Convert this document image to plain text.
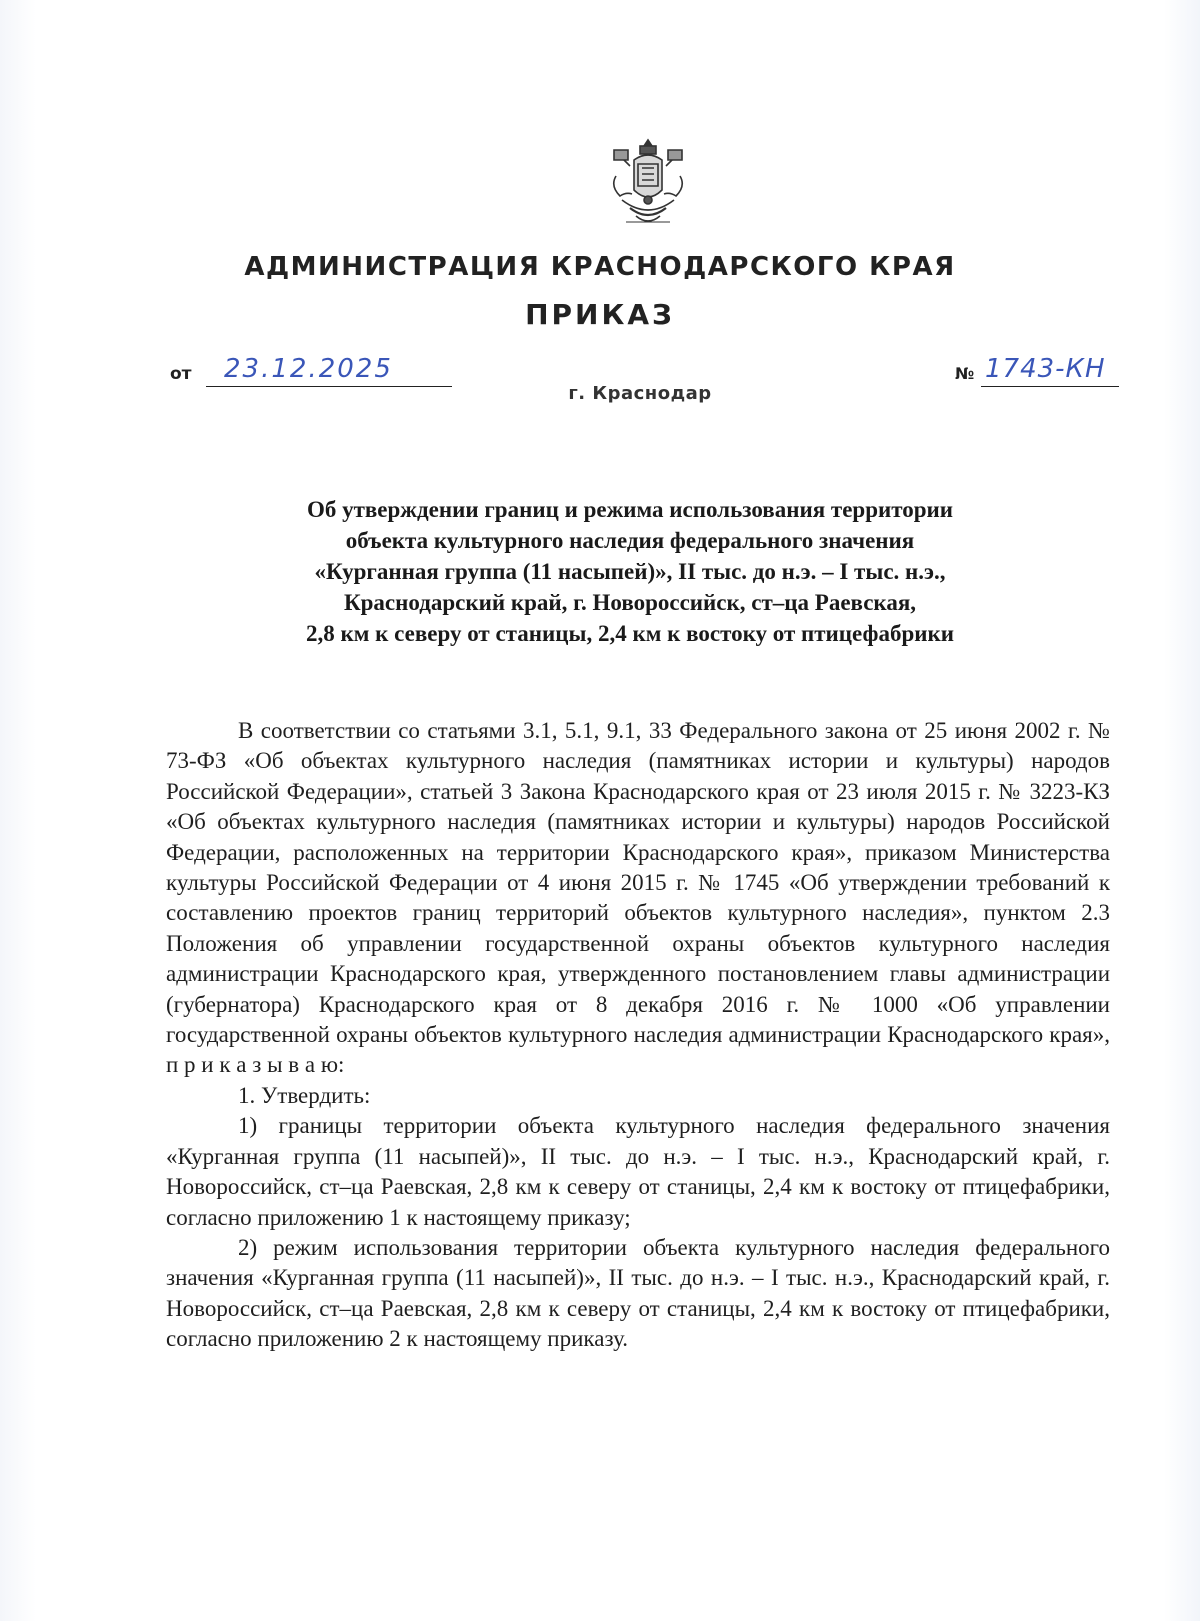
АДМИНИСТРАЦИЯ КРАСНОДАРСКОГО КРАЯ
ПРИКАЗ
от 23.12.2025	№ 1743-КН
г. Краснодар
Об утверждении границ и режима использования территории
объекта культурного наследия федерального значения
«Курганная группа (11 насыпей)», II тыс. до н.э. – I тыс. н.э.,
Краснодарский край, г. Новороссийск, ст–ца Раевская,
2,8 км к северу от станицы, 2,4 км к востоку от птицефабрики

В соответствии со статьями 3.1, 5.1, 9.1, 33 Федерального закона от 25 июня 2002 г. № 73-ФЗ «Об объектах культурного наследия (памятниках истории и культуры) народов Российской Федерации», статьей 3 Закона Краснодарского края от 23 июля 2015 г. № 3223-КЗ «Об объектах культурного наследия (памятниках истории и культуры) народов Российской Федерации, расположенных на территории Краснодарского края», приказом Министерства культуры Российской Федерации от 4 июня 2015 г. № 1745 «Об утверждении требований к составлению проектов границ территорий объектов культурного наследия», пунктом 2.3 Положения об управлении государственной охраны объектов культурного наследия администрации Краснодарского края, утвержденного постановлением главы администрации (губернатора) Краснодарского края от 8 декабря 2016 г. № 1000 «Об управлении государственной охраны объектов культурного наследия администрации Краснодарского края», п р и к а з ы в а ю:

1. Утвердить:

1) границы территории объекта культурного наследия федерального значения «Курганная группа (11 насыпей)», II тыс. до н.э. – I тыс. н.э., Краснодарский край, г. Новороссийск, ст–ца Раевская, 2,8 км к северу от станицы, 2,4 км к востоку от птицефабрики, согласно приложению 1 к настоящему приказу;

2) режим использования территории объекта культурного наследия федерального значения «Курганная группа (11 насыпей)», II тыс. до н.э. – I тыс. н.э., Краснодарский край, г. Новороссийск, ст–ца Раевская, 2,8 км к северу от станицы, 2,4 км к востоку от птицефабрики, согласно приложению 2 к настоящему приказу.
